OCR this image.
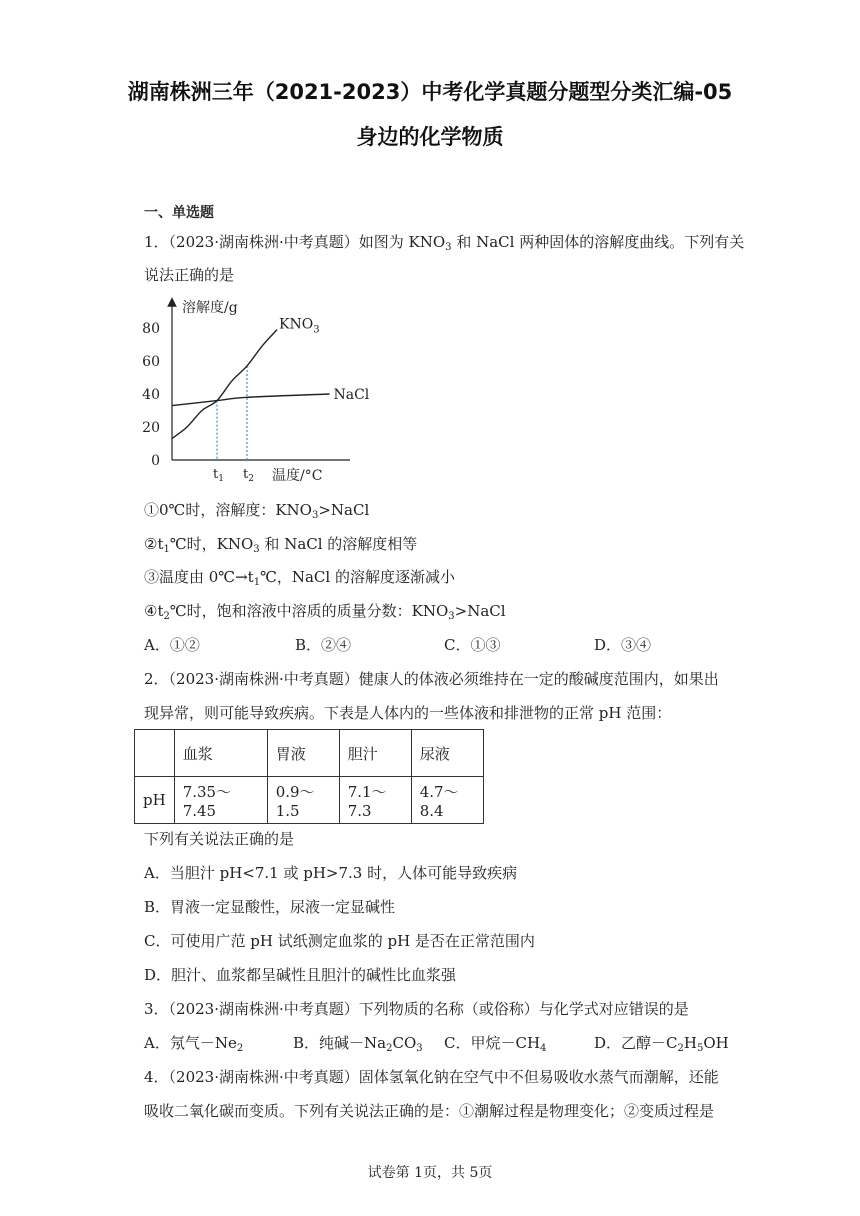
湖南株洲三年（2021-2023）中考化学真题分题型分类汇编-05
身边的化学物质
一、单选题
1．（2023·湖南株洲·中考真题）如图为 $KNO_3$ 和 NaCl 两种固体的溶解度曲线。下列有关
说法正确的是
0
20
40
60
80
溶解度/g
$KNO_3$
NaCl
$t_1$ $t_2$ 温度/°C
①0℃时，溶解度：$KNO_3>NaCl$
$②t_1℃$时，$KNO_3$ 和 NaCl 的溶解度相等
③温度由 $0℃\to t_1℃$，NaCl 的溶解度逐渐减小
$④t_2℃$时，饱和溶液中溶质的质量分数：$KNO_3>NaCl$
A．①②	B．②④	C．①③	D．③④
2．（2023·湖南株洲·中考真题）健康人的体液必须维持在一定的酸碱度范围内，如果出
现异常，则可能导致疾病。下表是人体内的一些体液和排泄物的正常 pH 范围：
	血浆	胃液	胆汁	尿液
pH	7.35～7.45	0.9～1.5	7.1～7.3	4.7～8.4
下列有关说法正确的是
A．当胆汁 pH<7.1 或 pH>7.3 时，人体可能导致疾病
B．胃液一定显酸性，尿液一定显碱性
C．可使用广范 pH 试纸测定血浆的 pH 是否在正常范围内
D．胆汁、血浆都呈碱性且胆汁的碱性比血浆强
3．（2023·湖南株洲·中考真题）下列物质的名称（或俗称）与化学式对应错误的是
A．氖气$-Ne_2$	B．纯碱$-Na_2CO_3$ C．甲烷$-CH_4$	D．乙醇$-C_2H_5OH$
4．（2023·湖南株洲·中考真题）固体氢氧化钠在空气中不但易吸收水蒸气而潮解，还能
吸收二氧化碳而变质。下列有关说法正确的是：①潮解过程是物理变化；②变质过程是
试卷第 1页，共 5页
